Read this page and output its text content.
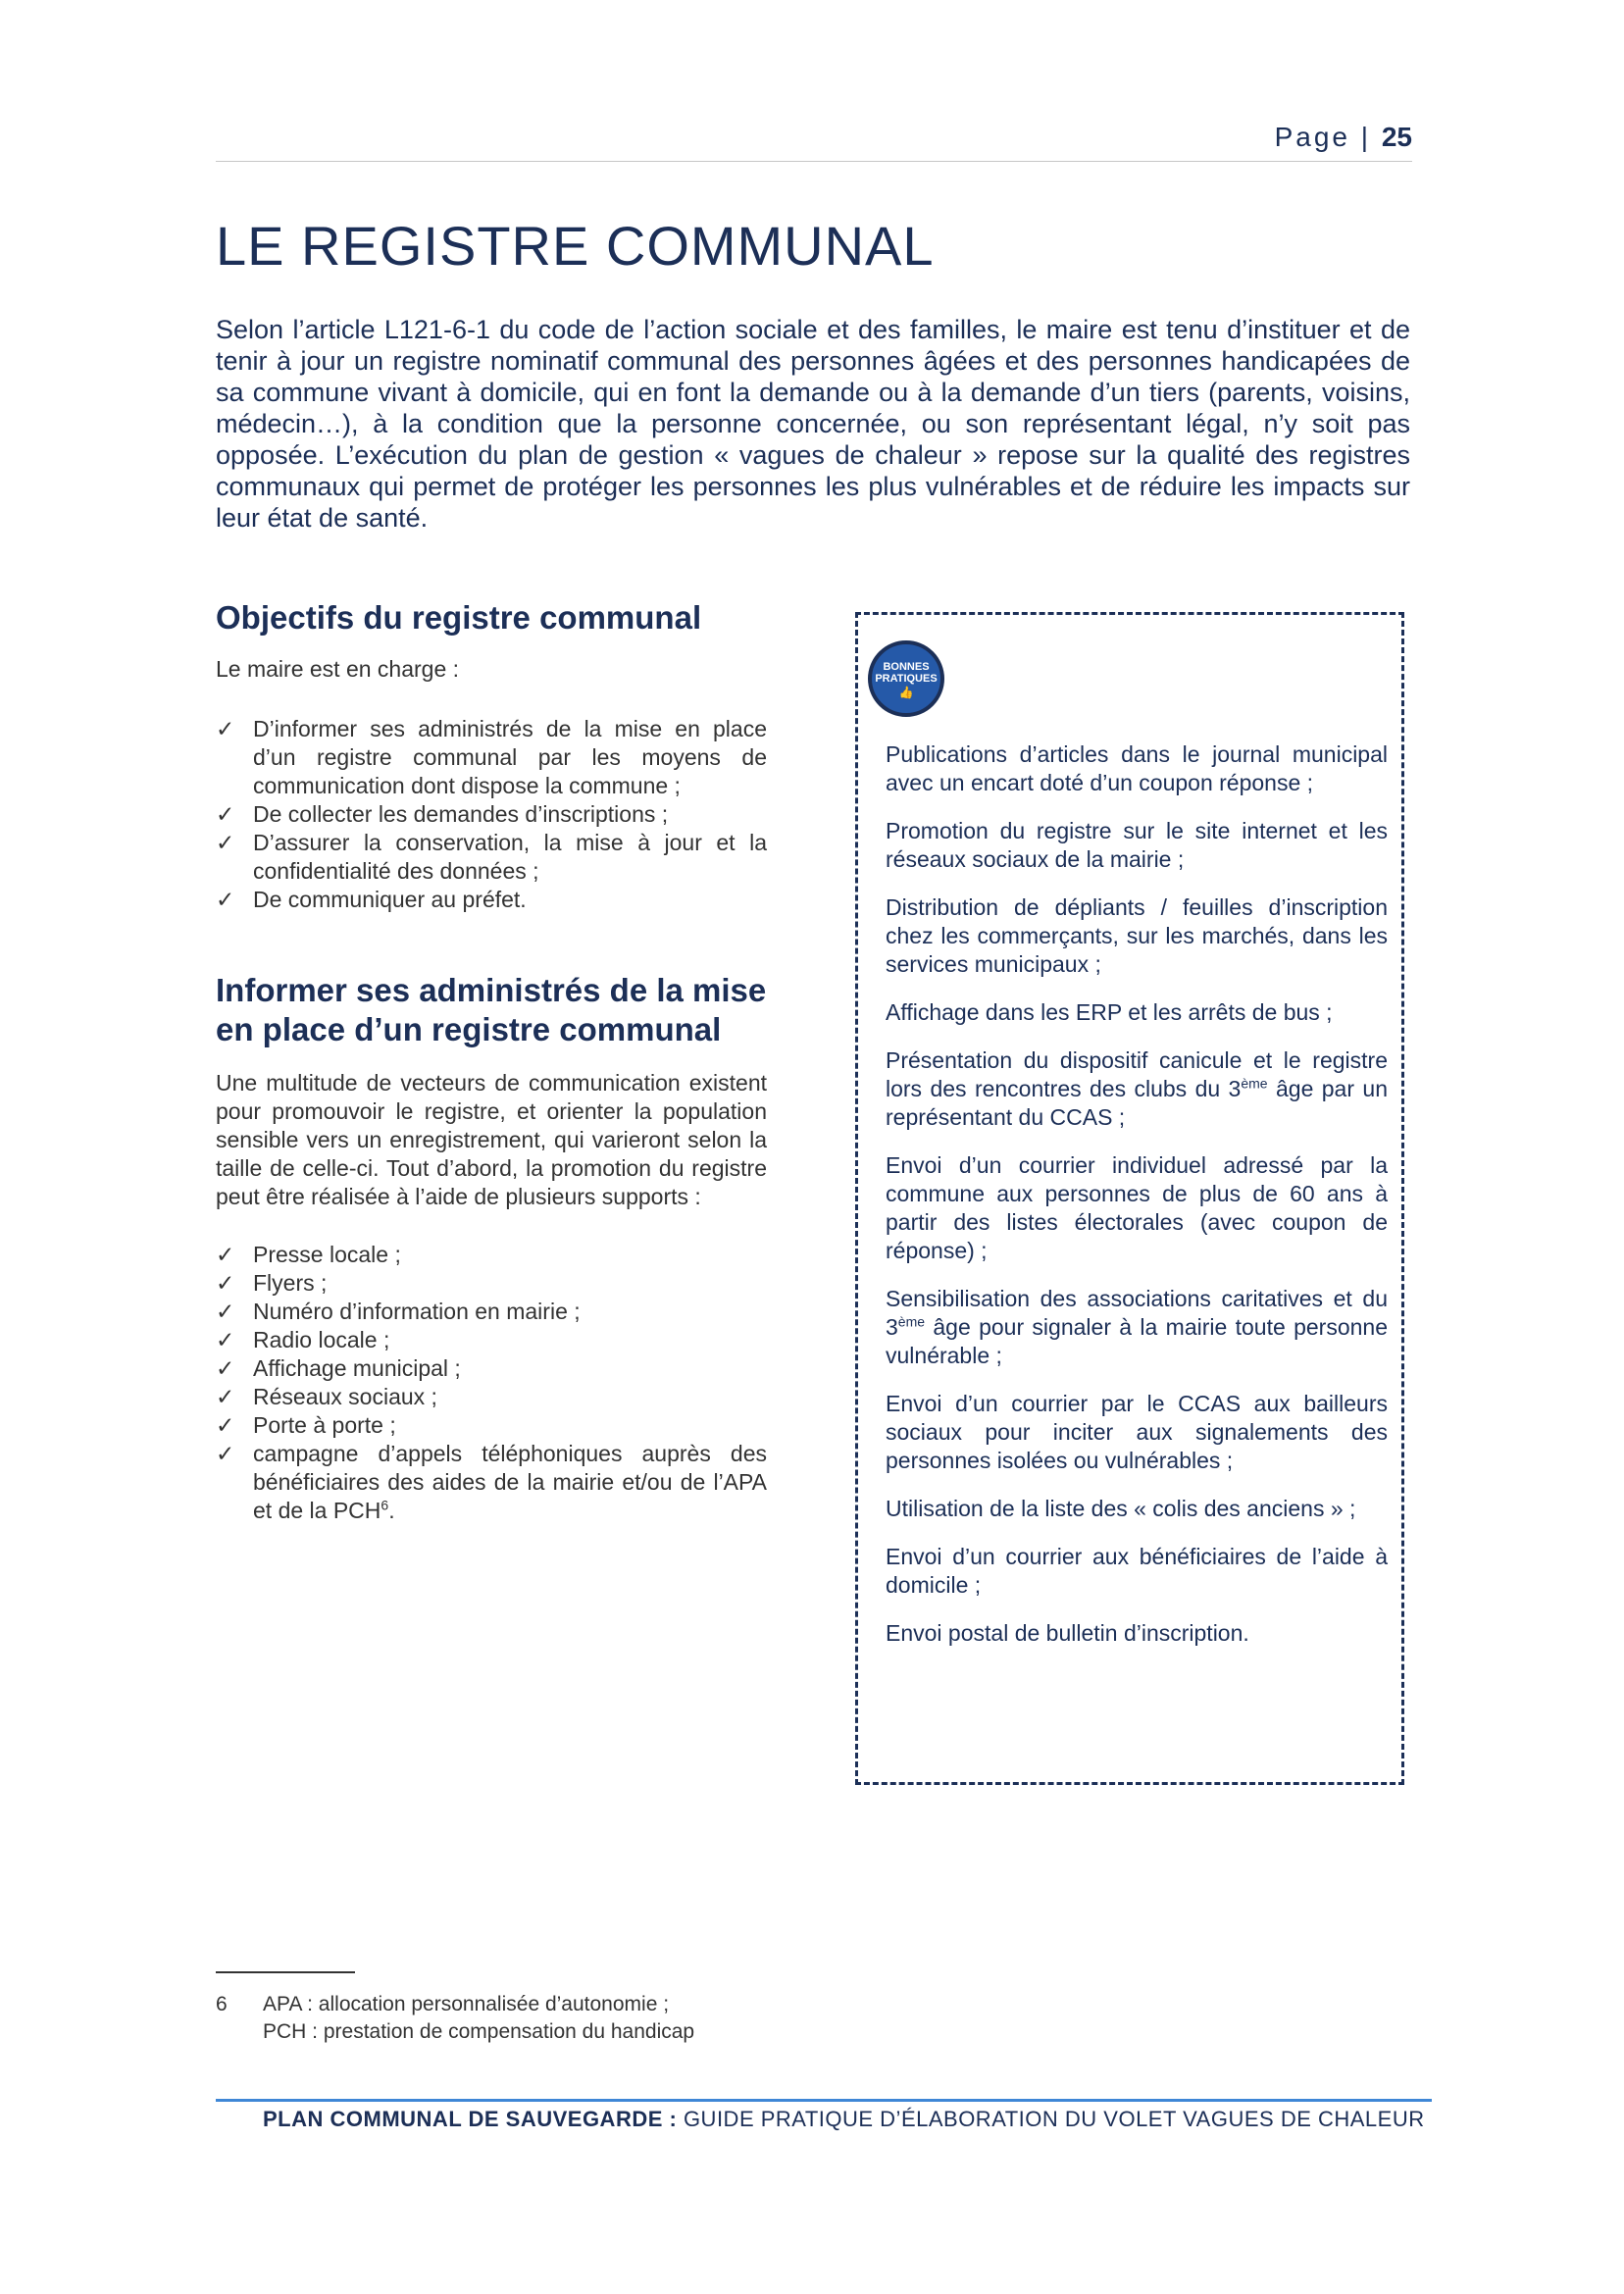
Page | 25
LE REGISTRE COMMUNAL

Selon l’article L121-6-1 du code de l’action sociale et des familles, le maire est tenu d’instituer et de tenir à jour un registre nominatif communal des personnes âgées et des personnes handicapées de sa commune vivant à domicile, qui en font la demande ou à la demande d’un tiers (parents, voisins, médecin…), à la condition que la personne concernée, ou son représentant légal, n’y soit pas opposée. L’exécution du plan de gestion « vagues de chaleur » repose sur la qualité des registres communaux qui permet de protéger les personnes les plus vulnérables et de réduire les impacts sur leur état de santé.

Objectifs du registre communal

Le maire est en charge :

✓ D’informer ses administrés de la mise en place d’un registre communal par les moyens de communication dont dispose la commune ;
✓ De collecter les demandes d’inscriptions ;
✓ D’assurer la conservation, la mise à jour et la confidentialité des données ;
✓ De communiquer au préfet.
Informer ses administrés de la mise en place d’un registre communal

Une multitude de vecteurs de communication existent pour promouvoir le registre, et orienter la population sensible vers un enregistrement, qui varieront selon la taille de celle-ci. Tout d’abord, la promotion du registre peut être réalisée à l’aide de plusieurs supports :

✓ Presse locale ;
✓ Flyers ;
✓ Numéro d’information en mairie ;
✓ Radio locale ;
✓ Affichage municipal ;
✓ Réseaux sociaux ;
✓ Porte à porte ;
✓ campagne d’appels téléphoniques auprès des bénéficiaires des aides de la mairie et/ou de l’APA et de la PCH$^6$.
BONNES
PRATIQUES
👍
Publications d’articles dans le journal municipal avec un encart doté d’un coupon réponse ;
Promotion du registre sur le site internet et les réseaux sociaux de la mairie ;
Distribution de dépliants / feuilles d’inscription chez les commerçants, sur les marchés, dans les services municipaux ;
Affichage dans les ERP et les arrêts de bus ;
Présentation du dispositif canicule et le registre lors des rencontres des clubs du 3ème âge par un représentant du CCAS ;
Envoi d’un courrier individuel adressé par la commune aux personnes de plus de 60 ans à partir des listes électorales (avec coupon de réponse) ;
Sensibilisation des associations caritatives et du 3ème âge pour signaler à la mairie toute personne vulnérable ;
Envoi d’un courrier par le CCAS aux bailleurs sociaux pour inciter aux signalements des personnes isolées ou vulnérables ;
Utilisation de la liste des « colis des anciens » ;
Envoi d’un courrier aux bénéficiaires de l’aide à domicile ;
Envoi postal de bulletin d’inscription.
6 APA : allocation personnalisée d’autonomie ;
PCH : prestation de compensation du handicap
PLAN COMMUNAL DE SAUVEGARDE : GUIDE PRATIQUE D’ÉLABORATION DU VOLET VAGUES DE CHALEUR
